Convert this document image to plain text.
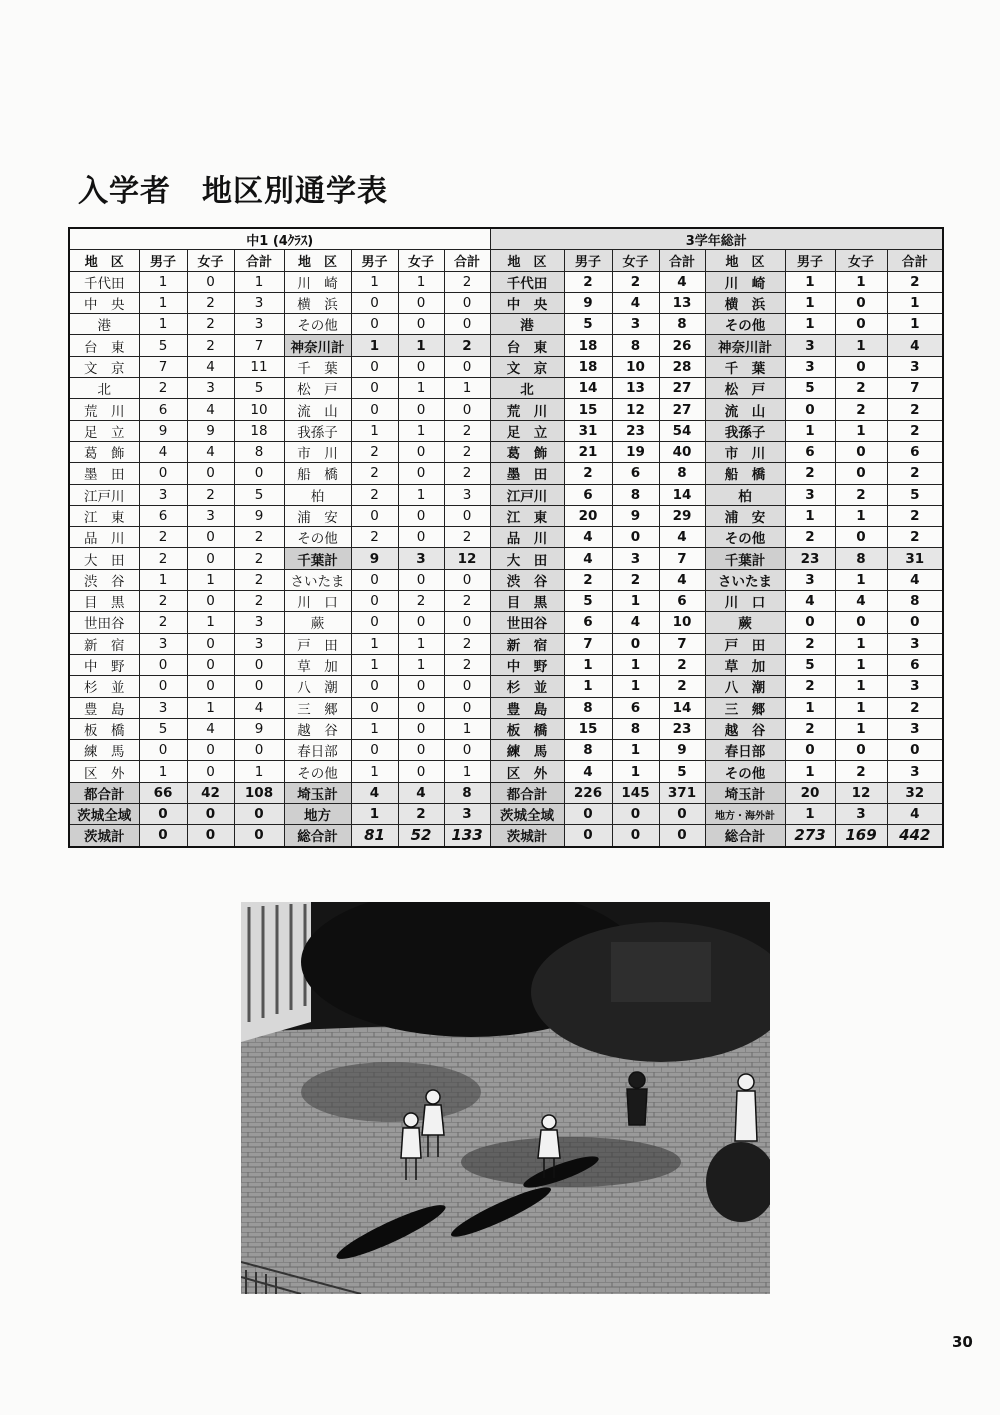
入学者　地区別通学表
中1 (4ｸﾗｽ)								3学年総計							
地　区	男子	女子	合計	地　区	男子	女子	合計	地　区	男子	女子	合計	地　区	男子	女子	合計
千代田	1	0	1	川　崎	1	1	2	千代田	2	2	4	川　崎	1	1	2
中　央	1	2	3	横　浜	0	0	0	中　央	9	4	13	横　浜	1	0	1
港	1	2	3	その他	0	0	0	港	5	3	8	その他	1	0	1
台　東	5	2	7	神奈川計	1	1	2	台　東	18	8	26	神奈川計	3	1	4
文　京	7	4	11	千　葉	0	0	0	文　京	18	10	28	千　葉	3	0	3
北	2	3	5	松　戸	0	1	1	北	14	13	27	松　戸	5	2	7
荒　川	6	4	10	流　山	0	0	0	荒　川	15	12	27	流　山	0	2	2
足　立	9	9	18	我孫子	1	1	2	足　立	31	23	54	我孫子	1	1	2
葛　飾	4	4	8	市　川	2	0	2	葛　飾	21	19	40	市　川	6	0	6
墨　田	0	0	0	船　橋	2	0	2	墨　田	2	6	8	船　橋	2	0	2
江戸川	3	2	5	柏	2	1	3	江戸川	6	8	14	柏	3	2	5
江　東	6	3	9	浦　安	0	0	0	江　東	20	9	29	浦　安	1	1	2
品　川	2	0	2	その他	2	0	2	品　川	4	0	4	その他	2	0	2
大　田	2	0	2	千葉計	9	3	12	大　田	4	3	7	千葉計	23	8	31
渋　谷	1	1	2	さいたま	0	0	0	渋　谷	2	2	4	さいたま	3	1	4
目　黒	2	0	2	川　口	0	2	2	目　黒	5	1	6	川　口	4	4	8
世田谷	2	1	3	蕨	0	0	0	世田谷	6	4	10	蕨	0	0	0
新　宿	3	0	3	戸　田	1	1	2	新　宿	7	0	7	戸　田	2	1	3
中　野	0	0	0	草　加	1	1	2	中　野	1	1	2	草　加	5	1	6
杉　並	0	0	0	八　潮	0	0	0	杉　並	1	1	2	八　潮	2	1	3
豊　島	3	1	4	三　郷	0	0	0	豊　島	8	6	14	三　郷	1	1	2
板　橋	5	4	9	越　谷	1	0	1	板　橋	15	8	23	越　谷	2	1	3
練　馬	0	0	0	春日部	0	0	0	練　馬	8	1	9	春日部	0	0	0
区　外	1	0	1	その他	1	0	1	区　外	4	1	5	その他	1	2	3
都合計	66	42	108	埼玉計	4	4	8	都合計	226	145	371	埼玉計	20	12	32
茨城全域	0	0	0	地方	1	2	3	茨城全域	0	0	0	地方・海外計	1	3	4
茨城計	0	0	0	総合計	81	52	133	茨城計	0	0	0	総合計	273	169	442
30
